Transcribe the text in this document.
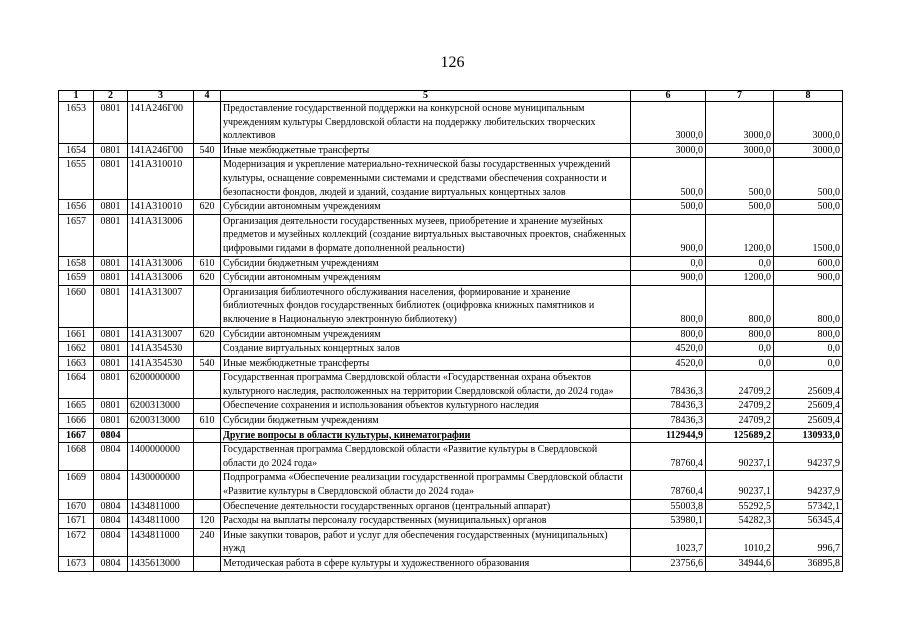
126
1	2	3	4	5	6	7	8
1653	0801	141A246Г00		Предоставление государственной поддержки на конкурсной основе муниципальным учреждениям культуры Свердловской области на поддержку любительских творческих коллективов	3000,0	3000,0	3000,0
1654	0801	141A246Г00	540	Иные межбюджетные трансферты	3000,0	3000,0	3000,0
1655	0801	141A310010		Модернизация и укрепление материально-технической базы государственных учреждений культуры, оснащение современными системами и средствами обеспечения сохранности и безопасности фондов, людей и зданий, создание виртуальных концертных залов	500,0	500,0	500,0
1656	0801	141A310010	620	Субсидии автономным учреждениям	500,0	500,0	500,0
1657	0801	141A313006		Организация деятельности государственных музеев, приобретение и хранение музейных предметов и музейных коллекций (создание виртуальных выставочных проектов, снабженных цифровыми гидами в формате дополненной реальности)	900,0	1200,0	1500,0
1658	0801	141A313006	610	Субсидии бюджетным учреждениям	0,0	0,0	600,0
1659	0801	141A313006	620	Субсидии автономным учреждениям	900,0	1200,0	900,0
1660	0801	141A313007		Организация библиотечного обслуживания населения, формирование и хранение библиотечных фондов государственных библиотек (оцифровка книжных памятников и включение в Национальную электронную библиотеку)	800,0	800,0	800,0
1661	0801	141A313007	620	Субсидии автономным учреждениям	800,0	800,0	800,0
1662	0801	141A354530		Создание виртуальных концертных залов	4520,0	0,0	0,0
1663	0801	141A354530	540	Иные межбюджетные трансферты	4520,0	0,0	0,0
1664	0801	6200000000		Государственная программа Свердловской области «Государственная охрана объектов культурного наследия, расположенных на территории Свердловской области, до 2024 года»	78436,3	24709,2	25609,4
1665	0801	6200313000		Обеспечение сохранения и использования объектов культурного наследия	78436,3	24709,2	25609,4
1666	0801	6200313000	610	Субсидии бюджетным учреждениям	78436,3	24709,2	25609,4
1667	0804			Другие вопросы в области культуры, кинематографии	112944,9	125689,2	130933,0
1668	0804	1400000000		Государственная программа Свердловской области «Развитие культуры в Свердловской области до 2024 года»	78760,4	90237,1	94237,9
1669	0804	1430000000		Подпрограмма «Обеспечение реализации государственной программы Свердловской области «Развитие культуры в Свердловской области до 2024 года»	78760,4	90237,1	94237,9
1670	0804	1434811000		Обеспечение деятельности государственных органов (центральный аппарат)	55003,8	55292,5	57342,1
1671	0804	1434811000	120	Расходы на выплаты персоналу государственных (муниципальных) органов	53980,1	54282,3	56345,4
1672	0804	1434811000	240	Иные закупки товаров, работ и услуг для обеспечения государственных (муниципальных) нужд	1023,7	1010,2	996,7
1673	0804	1435613000		Методическая работа в сфере культуры и художественного образования	23756,6	34944,6	36895,8
